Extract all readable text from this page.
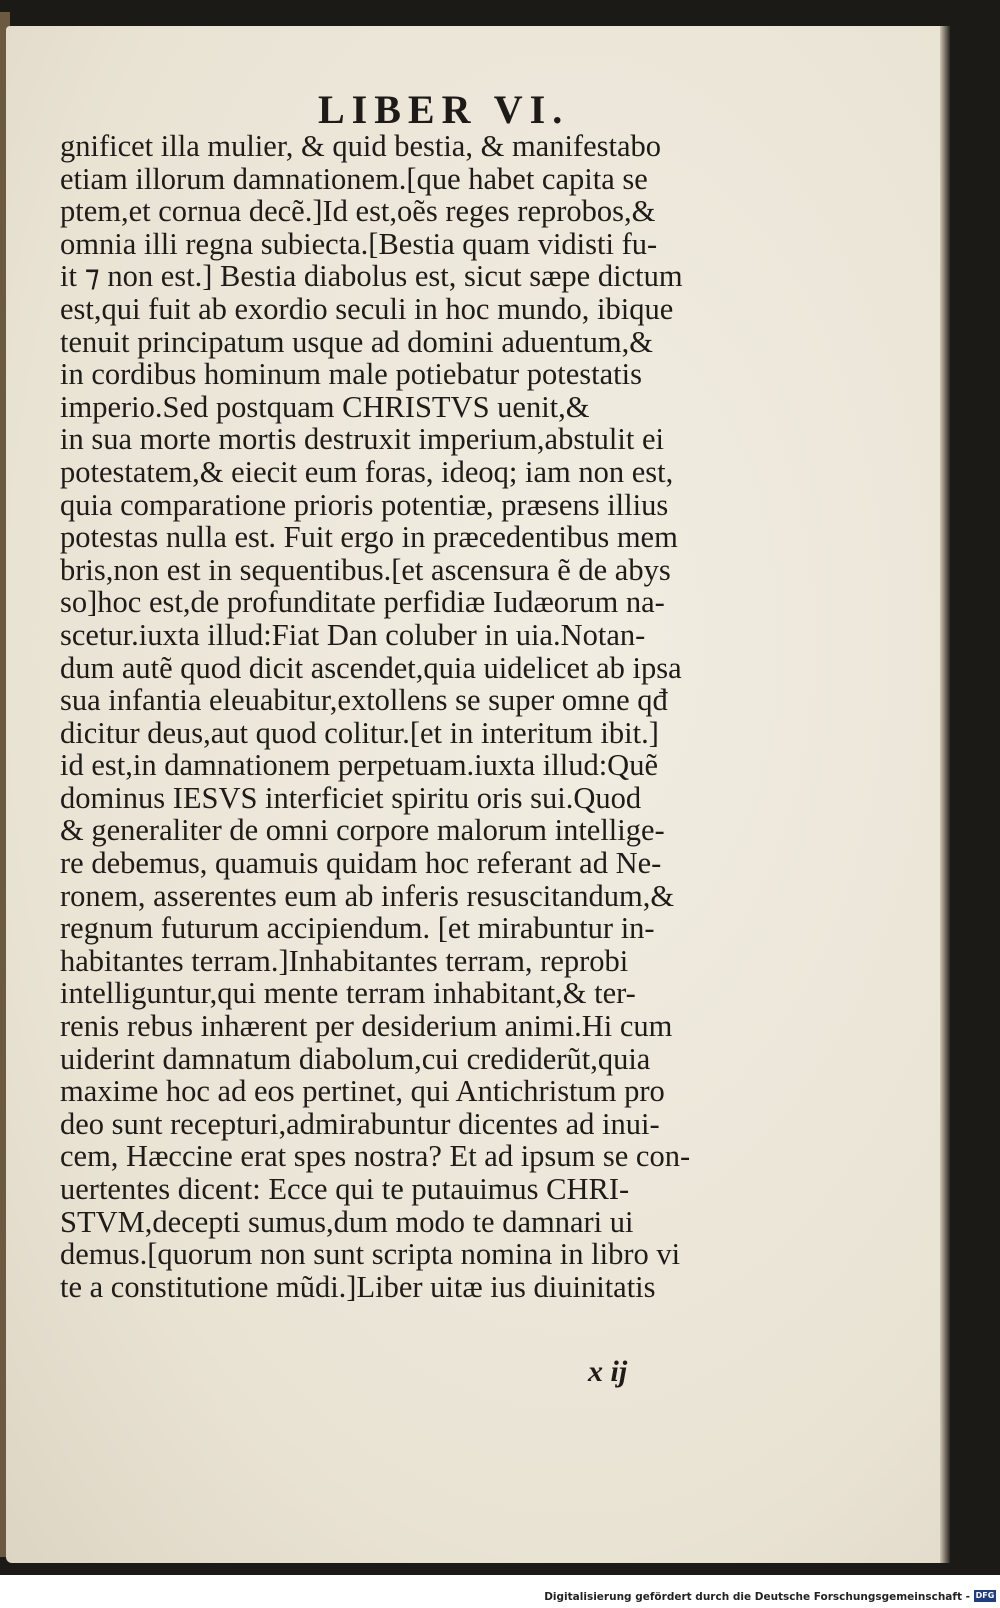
LIBER VI.
gnificet illa mulier, & quid bestia, & manifestabo
etiam illorum damnationem.[que habet capita se
ptem,et cornua decẽ.]Id est,oẽs reges reprobos,&
omnia illi regna subiecta.[Bestia quam vidisti fu-
it ⁊ non est.] Bestia diabolus est, sicut sæpe dictum
est,qui fuit ab exordio seculi in hoc mundo, ibique
tenuit principatum usque ad domini aduentum,&
in cordibus hominum male potiebatur potestatis
imperio.Sed postquam CHRISTVS uenit,&
in sua morte mortis destruxit imperium,abstulit ei
potestatem,& eiecit eum foras, ideoq; iam non est,
quia comparatione prioris potentiæ, præsens illius
potestas nulla est. Fuit ergo in præcedentibus mem
bris,non est in sequentibus.[et ascensura ẽ de abys
so]hoc est,de profunditate perfidiæ Iudæorum na-
scetur.iuxta illud:Fiat Dan coluber in uia.Notan-
dum autẽ quod dicit ascendet,quia uidelicet ab ipsa
sua infantia eleuabitur,extollens se super omne qđ
dicitur deus,aut quod colitur.[et in interitum ibit.]
id est,in damnationem perpetuam.iuxta illud:Quẽ
dominus IESVS interficiet spiritu oris sui.Quod
& generaliter de omni corpore malorum intellige-
re debemus, quamuis quidam hoc referant ad Ne-
ronem, asserentes eum ab inferis resuscitandum,&
regnum futurum accipiendum. [et mirabuntur in-
habitantes terram.]Inhabitantes terram, reprobi
intelliguntur,qui mente terram inhabitant,& ter-
renis rebus inhærent per desiderium animi.Hi cum
uiderint damnatum diabolum,cui crediderũt,quia
maxime hoc ad eos pertinet, qui Antichristum pro
deo sunt recepturi,admirabuntur dicentes ad inui-
cem, Hæccine erat spes nostra? Et ad ipsum se con-
uertentes dicent: Ecce qui te putauimus CHRI-
STVM,decepti sumus,dum modo te damnari ui
demus.[quorum non sunt scripta nomina in libro vi
te a constitutione mũdi.]Liber uitæ ius diuinitatis
x ij
Digitalisierung gefördert durch die Deutsche Forschungsgemeinschaft - DFG
